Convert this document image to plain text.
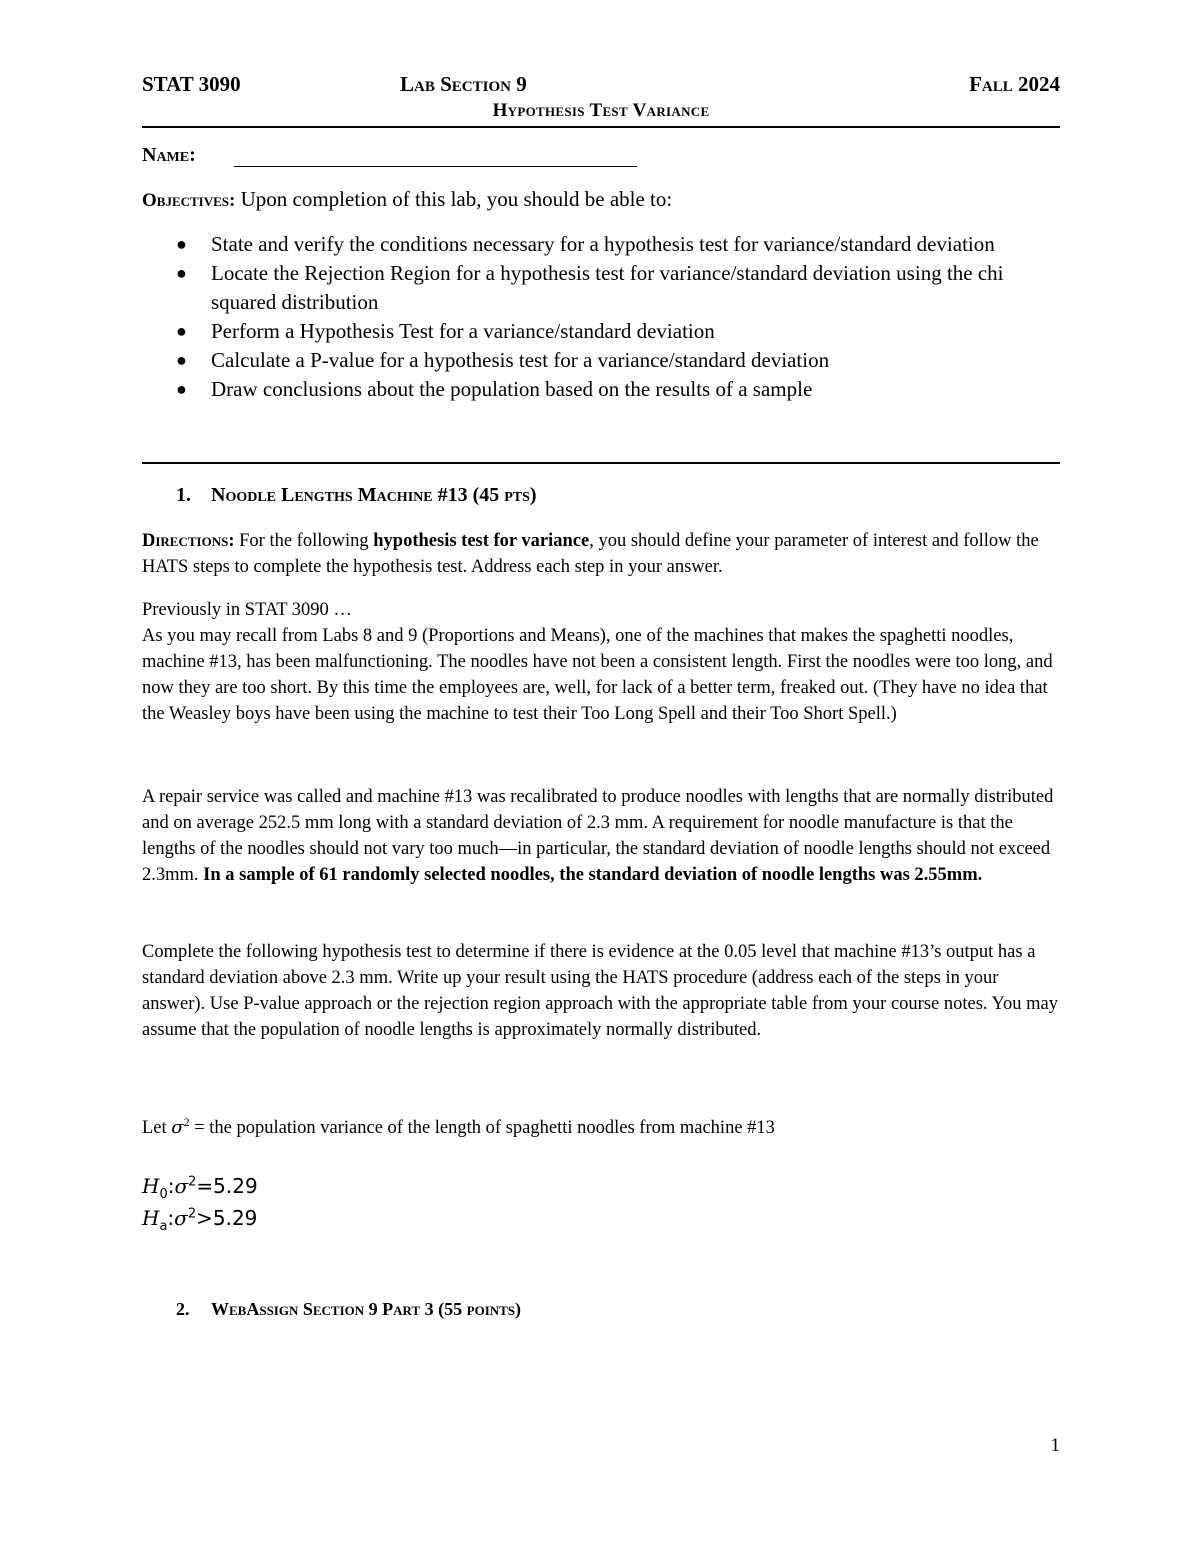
STAT 3090	Lab Section 9	Fall 2024
Hypothesis Test Variance
Name:
Objectives: Upon completion of this lab, you should be able to:
● State and verify the conditions necessary for a hypothesis test for variance/standard deviation
● Locate the Rejection Region for a hypothesis test for variance/standard deviation using the chi squared distribution
● Perform a Hypothesis Test for a variance/standard deviation
● Calculate a P-value for a hypothesis test for a variance/standard deviation
● Draw conclusions about the population based on the results of a sample
1. Noodle Lengths Machine #13 (45 pts)
Directions: For the following hypothesis test for variance, you should define your parameter of interest and follow the HATS steps to complete the hypothesis test. Address each step in your answer.
Previously in STAT 3090 …
As you may recall from Labs 8 and 9 (Proportions and Means), one of the machines that makes the spaghetti noodles, machine #13, has been malfunctioning. The noodles have not been a consistent length. First the noodles were too long, and now they are too short. By this time the employees are, well, for lack of a better term, freaked out. (They have no idea that the Weasley boys have been using the machine to test their Too Long Spell and their Too Short Spell.)
A repair service was called and machine #13 was recalibrated to produce noodles with lengths that are normally distributed and on average 252.5 mm long with a standard deviation of 2.3 mm. A requirement for noodle manufacture is that the lengths of the noodles should not vary too much—in particular, the standard deviation of noodle lengths should not exceed 2.3mm. In a sample of 61 randomly selected noodles, the standard deviation of noodle lengths was 2.55mm.
Complete the following hypothesis test to determine if there is evidence at the 0.05 level that machine #13’s output has a standard deviation above 2.3 mm. Write up your result using the HATS procedure (address each of the steps in your answer). Use P-value approach or the rejection region approach with the appropriate table from your course notes. You may assume that the population of noodle lengths is approximately normally distributed.
Let $\sigma^2$ = the population variance of the length of spaghetti noodles from machine #13
$H_0:\sigma^2=5.29$
$H_a:\sigma^2>5.29$
2. WebAssign Section 9 Part 3 (55 points)
1
